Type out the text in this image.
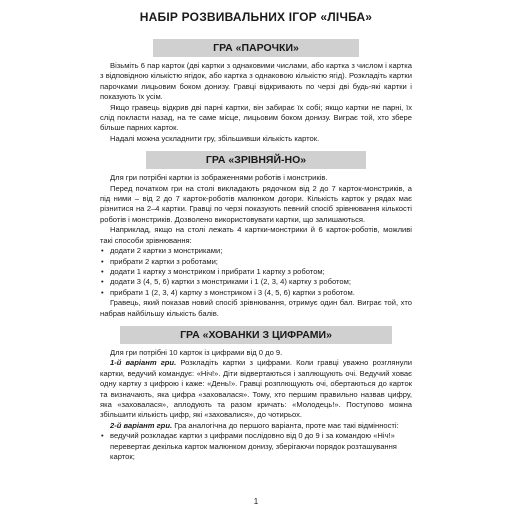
НАБІР РОЗВИВАЛЬНИХ ІГОР «ЛІЧБА»
ГРА «ПАРОЧКИ»

Візьміть 6 пар карток (дві картки з однаковими числами, або картка з числом і картка з відповідною кількістю ягідок, або картка з однаковою кількістю ягід). Розкладіть картки парочками лицьовим боком донизу. Гравці відкривають по черзі дві будь-які картки і показують їх усім.

Якщо гравець відкрив дві парні картки, він забирає їх собі; якщо картки не парні, їх слід покласти назад, на те саме місце, лицьовим боком донизу. Виграє той, хто збере більше парних карток.

Надалі можна ускладнити гру, збільшивши кількість карток.

ГРА «ЗРІВНЯЙ-НО»

Для гри потрібні картки із зображеннями роботів і монстриків.

Перед початком гри на столі викладають рядочком від 2 до 7 карток-монстриків, а під ними – від 2 до 7 карток-роботів малюнком догори. Кількість карток у рядах має різнитися на 2–4 картки. Гравці по черзі показують певний спосіб зрівнювання кількості роботів і монстриків. Дозволено використовувати картки, що залишаються.

Наприклад, якщо на столі лежать 4 картки-монстрики й 6 карток-роботів, можливі такі способи зрівнювання:

• додати 2 картки з монстриками;
• прибрати 2 картки з роботами;
• додати 1 картку з монстриком і прибрати 1 картку з роботом;
• додати 3 (4, 5, 6) картки з монстриками і 1 (2, 3, 4) картку з роботом;
• прибрати 1 (2, 3, 4) картку з монстриком і 3 (4, 5, 6) картки з роботом.

Гравець, який показав новий спосіб зрівнювання, отримує один бал. Виграє той, хто набрав найбільшу кількість балів.

ГРА «ХОВАНКИ З ЦИФРАМИ»

Для гри потрібні 10 карток із цифрами від 0 до 9.

1-й варіант гри. Розкладіть картки з цифрами. Коли гравці уважно розглянули картки, ведучий командує: «Ніч!». Діти відвертаються і заплющують очі. Ведучий ховає одну картку з цифрою і каже: «День!». Гравці розплющують очі, обертаються до карток та визначають, яка цифра «заховалася». Тому, хто першим правильно назвав цифру, яка «заховалася», аплодують та разом кричать: «Молодець!». Поступово можна збільшити кількість цифр, які «заховалися», до чотирьох.

2-й варіант гри. Гра аналогічна до першого варіанта, проте має такі відмінності:

• ведучий розкладає картки з цифрами послідовно від 0 до 9 і за командою «Ніч!» перевертає декілька карток малюнком донизу, зберігаючи порядок розташування карток;
1
